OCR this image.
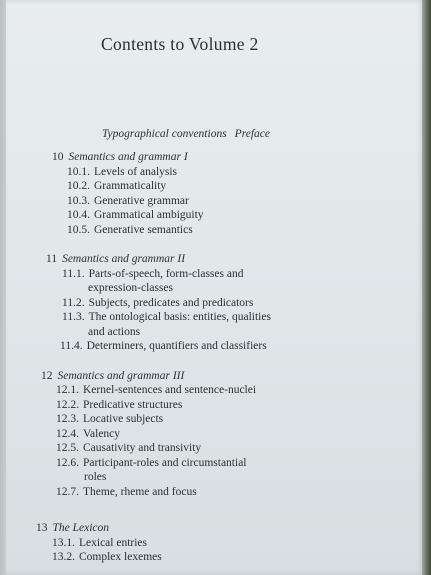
Contents to Volume 2
Typographical conventions Preface
10 Semantics and grammar I
10.1. Levels of analysis
10.2. Grammaticality
10.3. Generative grammar
10.4. Grammatical ambiguity
10.5. Generative semantics
11 Semantics and grammar II
11.1. Parts-of-speech, form-classes and
expression-classes
11.2. Subjects, predicates and predicators
11.3. The ontological basis: entities, qualities
and actions
11.4. Determiners, quantifiers and classifiers
12 Semantics and grammar III
12.1. Kernel-sentences and sentence-nuclei
12.2. Predicative structures
12.3. Locative subjects
12.4. Valency
12.5. Causativity and transivity
12.6. Participant-roles and circumstantial
roles
12.7. Theme, rheme and focus
13 The Lexicon
13.1. Lexical entries
13.2. Complex lexemes
